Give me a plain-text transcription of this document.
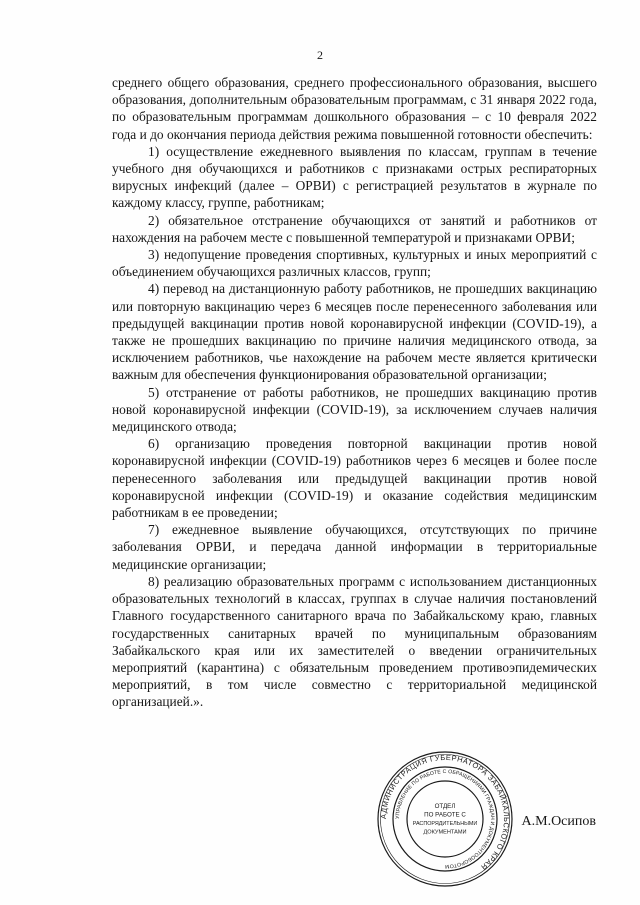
2

среднего общего образования, среднего профессионального образования, высшего образования, дополнительным образовательным программам, с 31 января 2022 года, по образовательным программам дошкольного образования – с 10 февраля 2022 года и до окончания периода действия режима повышенной готовности обеспечить:

1) осуществление ежедневного выявления по классам, группам в течение учебного дня обучающихся и работников с признаками острых респираторных вирусных инфекций (далее – ОРВИ) с регистрацией результатов в журнале по каждому классу, группе, работникам;

2) обязательное отстранение обучающихся от занятий и работников от нахождения на рабочем месте с повышенной температурой и признаками ОРВИ;

3) недопущение проведения спортивных, культурных и иных мероприятий с объединением обучающихся различных классов, групп;

4) перевод на дистанционную работу работников, не прошедших вакцинацию или повторную вакцинацию через 6 месяцев после перенесенного заболевания или предыдущей вакцинации против новой коронавирусной инфекции (COVID-19), а также не прошедших вакцинацию по причине наличия медицинского отвода, за исключением работников, чье нахождение на рабочем месте является критически важным для обеспечения функционирования образовательной организации;

5) отстранение от работы работников, не прошедших вакцинацию против новой коронавирусной инфекции (COVID-19), за исключением случаев наличия медицинского отвода;

6) организацию проведения повторной вакцинации против новой коронавирусной инфекции (COVID-19) работников через 6 месяцев и более после перенесенного заболевания или предыдущей вакцинации против новой коронавирусной инфекции (COVID-19) и оказание содействия медицинским работникам в ее проведении;

7) ежедневное выявление обучающихся, отсутствующих по причине заболевания ОРВИ, и передача данной информации в территориальные медицинские организации;

8) реализацию образовательных программ с использованием дистанционных образовательных технологий в классах, группах в случае наличия постановлений Главного государственного санитарного врача по Забайкальскому краю, главных государственных санитарных врачей по муниципальным образованиям Забайкальского края или их заместителей о введении ограничительных мероприятий (карантина) с обязательным проведением противоэпидемических мероприятий, в том числе совместно с территориальной медицинской организацией.».

АДМИНИСТРАЦИЯ ГУБЕРНАТОРА ЗАБАЙКАЛЬСКОГО КРАЯ
УПРАВЛЕНИЕ ПО РАБОТЕ С ОБРАЩЕНИЯМИ ГРАЖДАН И ДОКУМЕНТООБОРОТОМ
ОТДЕЛ
ПО РАБОТЕ С
РАСПОРЯДИТЕЛЬНЫМИ
ДОКУМЕНТАМИ
А.М.Осипов
